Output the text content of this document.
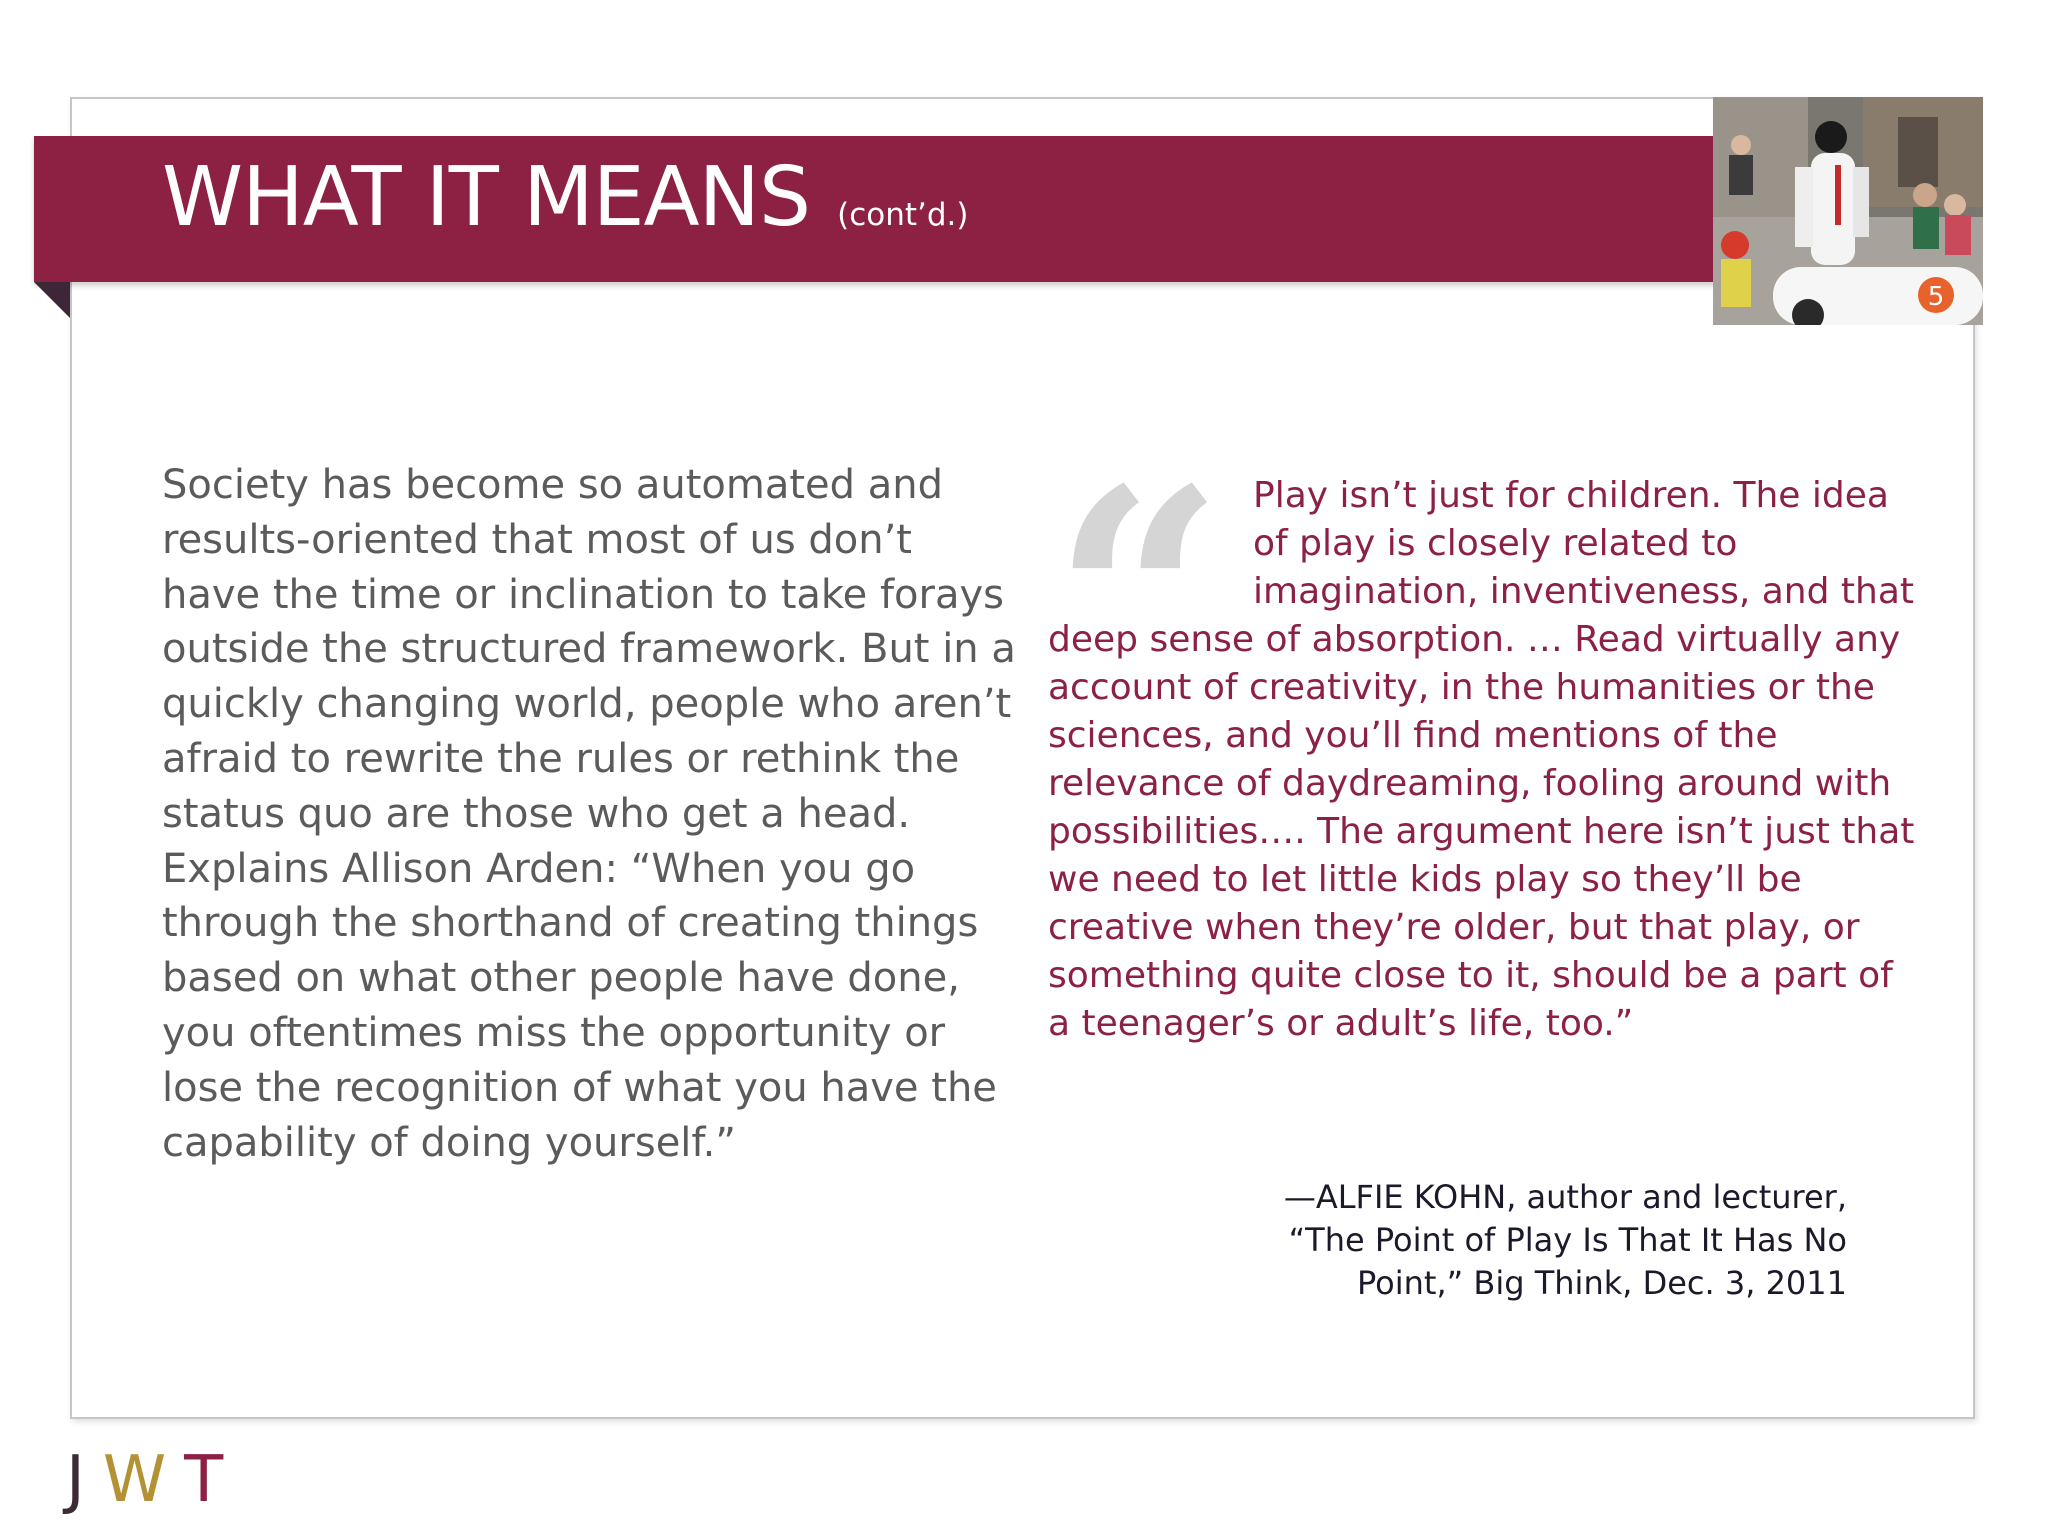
WHAT IT MEANS (cont’d.)
5
Society has become so automated and results-oriented that most of us don’t have the time or inclination to take forays outside the structured framework. But in a quickly changing world, people who aren’t afraid to rewrite the rules or rethink the status quo are those who get a head. Explains Allison Arden: “When you go through the shorthand of creating things based on what other people have done, you oftentimes miss the opportunity or lose the recognition of what you have the capability of doing yourself.”
“	Play isn’t just for children. The idea of play is closely related to imagination, inventiveness, and that deep sense of absorption. … Read virtually any account of creativity, in the humanities or the sciences, and you’ll find mentions of the relevance of daydreaming, fooling around with possibilities…. The argument here isn’t just that we need to let little kids play so they’ll be creative when they’re older, but that play, or something quite close to it, should be a part of a teenager’s or adult’s life, too.”
—ALFIE KOHN, author and lecturer,
“The Point of Play Is That It Has No
Point,” Big Think, Dec. 3, 2011
JWT
